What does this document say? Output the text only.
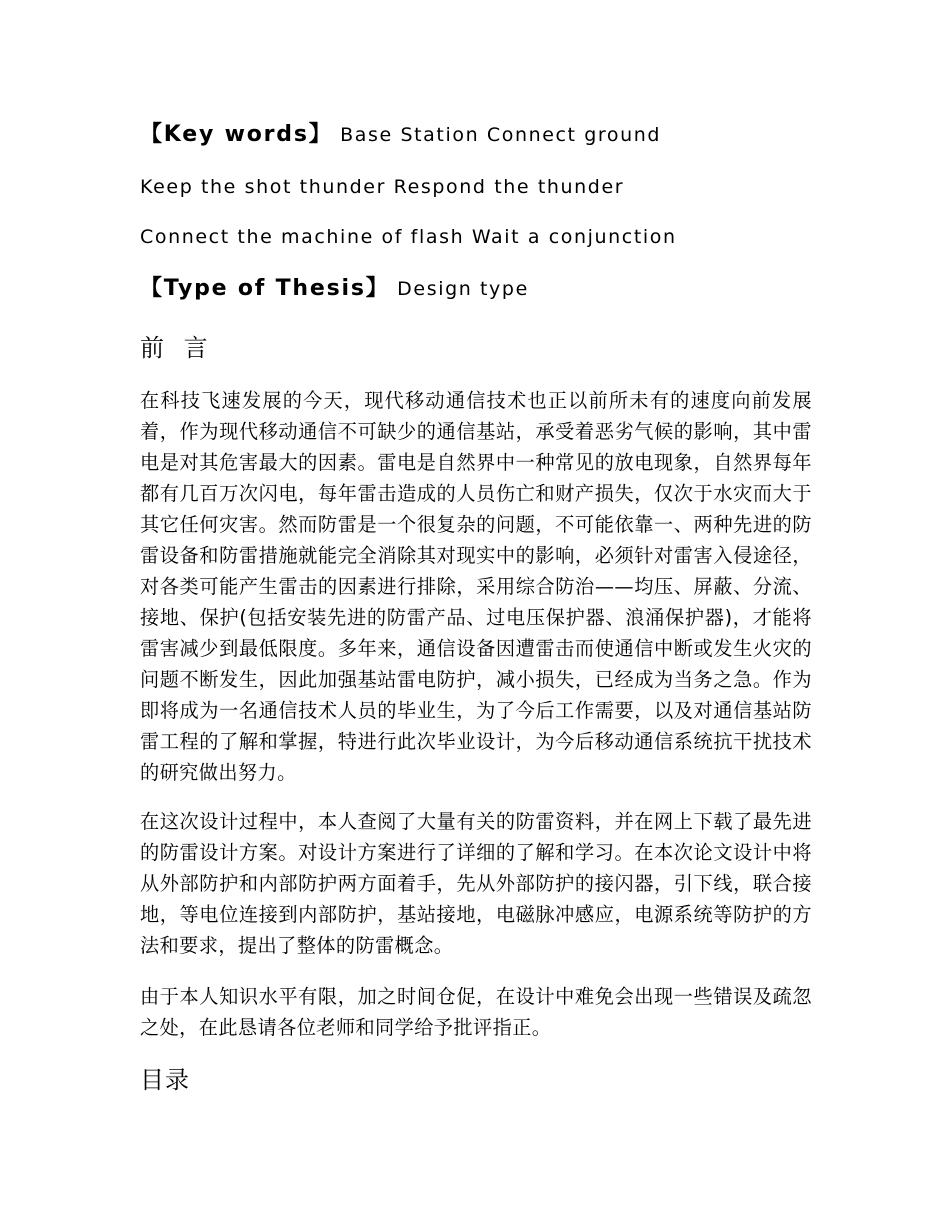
【Key words】 Base Station Connect ground
Keep the shot thunder Respond the thunder
Connect the machine of flash Wait a conjunction
【Type of Thesis】 Design type
前 言
在科技飞速发展的今天，现代移动通信技术也正以前所未有的速度向前发展着，作为现代移动通信不可缺少的通信基站，承受着恶劣气候的影响，其中雷电是对其危害最大的因素。雷电是自然界中一种常见的放电现象，自然界每年都有几百万次闪电，每年雷击造成的人员伤亡和财产损失，仅次于水灾而大于其它任何灾害。然而防雷是一个很复杂的问题，不可能依靠一、两种先进的防雷设备和防雷措施就能完全消除其对现实中的影响，必须针对雷害入侵途径，对各类可能产生雷击的因素进行排除，采用综合防治——均压、屏蔽、分流、接地、保护(包括安装先进的防雷产品、过电压保护器、浪涌保护器)，才能将雷害减少到最低限度。多年来，通信设备因遭雷击而使通信中断或发生火灾的问题不断发生，因此加强基站雷电防护，减小损失，已经成为当务之急。作为即将成为一名通信技术人员的毕业生，为了今后工作需要，以及对通信基站防雷工程的了解和掌握，特进行此次毕业设计，为今后移动通信系统抗干扰技术的研究做出努力。
在这次设计过程中，本人查阅了大量有关的防雷资料，并在网上下载了最先进的防雷设计方案。对设计方案进行了详细的了解和学习。在本次论文设计中将从外部防护和内部防护两方面着手，先从外部防护的接闪器，引下线，联合接地，等电位连接到内部防护，基站接地，电磁脉冲感应，电源系统等防护的方法和要求，提出了整体的防雷概念。
由于本人知识水平有限，加之时间仓促，在设计中难免会出现一些错误及疏忽之处，在此恳请各位老师和同学给予批评指正。
目录
